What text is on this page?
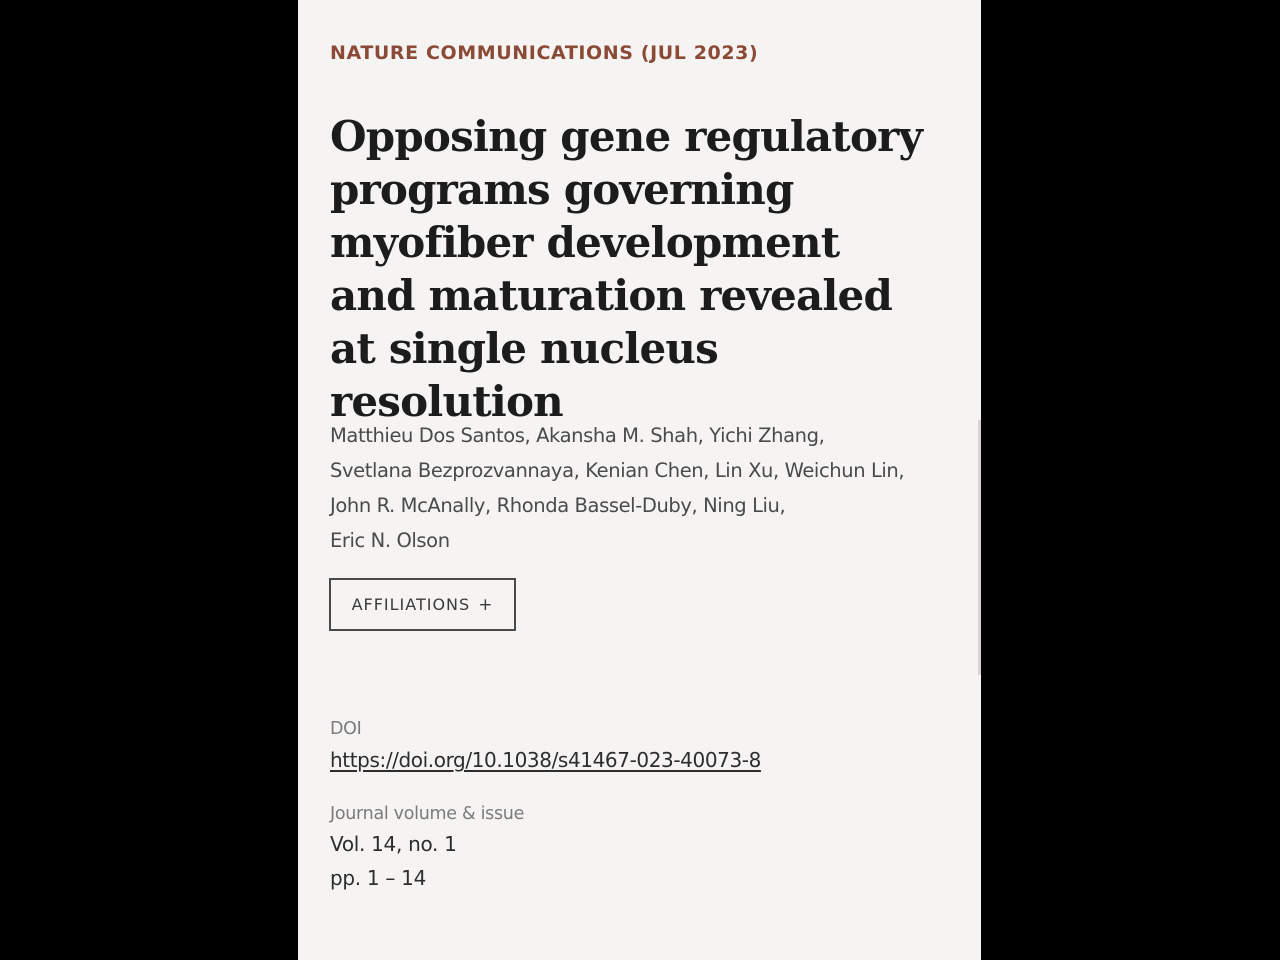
NATURE COMMUNICATIONS (JUL 2023)
Opposing gene regulatory programs governing myofiber development and maturation revealed at single nucleus resolution
Matthieu Dos Santos, Akansha M. Shah, Yichi Zhang,
Svetlana Bezprozvannaya, Kenian Chen, Lin Xu, Weichun Lin,
John R. McAnally, Rhonda Bassel-Duby, Ning Liu,
Eric N. Olson
AFFILIATIONS +
DOI
https://doi.org/10.1038/s41467-023-40073-8
Journal volume & issue
Vol. 14, no. 1
pp. 1 – 14
